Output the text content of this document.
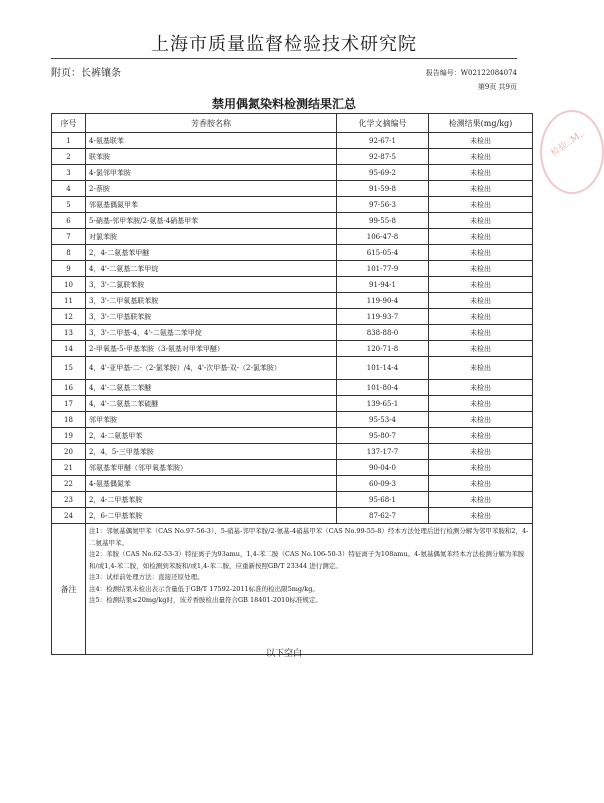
上海市质量监督检验技术研究院
附页：长裤镶条	报告编号：W02122084074
第9页 共9页
禁用偶氮染料检测结果汇总
检验..M..
序号	芳香胺名称	化学文摘编号	检测结果(mg/kg)
1	4-氨基联苯	92-67-1	未检出
2	联苯胺	92-87-5	未检出
3	4-氯邻甲苯胺	95-69-2	未检出
4	2-萘胺	91-59-8	未检出
5	邻氨基偶氮甲苯	97-56-3	未检出
6	5-硝基-邻甲苯胺/2-氨基-4硝基甲苯	99-55-8	未检出
7	对氯苯胺	106-47-8	未检出
8	2，4-二氨基苯甲醚	615-05-4	未检出
9	4，4'-二氨基二苯甲烷	101-77-9	未检出
10	3，3'-二氯联苯胺	91-94-1	未检出
11	3，3'-二甲氧基联苯胺	119-90-4	未检出
12	3，3'-二甲基联苯胺	119-93-7	未检出
13	3，3'-二甲基-4，4'-二氨基二苯甲烷	838-88-0	未检出
14	2-甲氧基-5-甲基苯胺（3-氨基对甲苯甲醚）	120-71-8	未检出
15	4，4'-亚甲基-二-（2-氯苯胺）/4，4'-次甲基-双-（2-氯苯胺）	101-14-4	未检出
16	4，4'-二氨基二苯醚	101-80-4	未检出
17	4，4'-二氨基二苯硫醚	139-65-1	未检出
18	邻甲苯胺	95-53-4	未检出
19	2，4-二氨基甲苯	95-80-7	未检出
20	2，4，5-三甲基苯胺	137-17-7	未检出
21	邻氨基苯甲醚（邻甲氧基苯胺）	90-04-0	未检出
22	4-氨基偶氮苯	60-09-3	未检出
23	2，4-二甲基苯胺	95-68-1	未检出
24	2，6-二甲基苯胺	87-62-7	未检出
备注	注1：邻氨基偶氮甲苯（CAS No.97-56-3）、5-硝基-邻甲苯胺/2-氨基-4硝基甲苯（CAS No.99-55-8）经本方法处理后进行检测分解为邻甲苯胺和2，4-二氨基甲苯。
注2：苯胺（CAS No.62-53-3）特征离子为93amu，1,4-苯二胺（CAS No.106-50-3）特征离子为108amu。4-氨基偶氮苯经本方法检测分解为苯胺和/或1,4-苯二胺，如检测到苯胺和/或1,4-苯二胺，应重新按照GB/T 23344 进行测定。
注3：试样前处理方法：直接还原处理。
注4：检测结果未检出表示含量低于GB/T 17592-2011标准的检出限5mg/kg。
注5：检测结果≤20mg/kg时，该芳香胺检出量符合GB 18401-2010标准规定。		
以下空白
